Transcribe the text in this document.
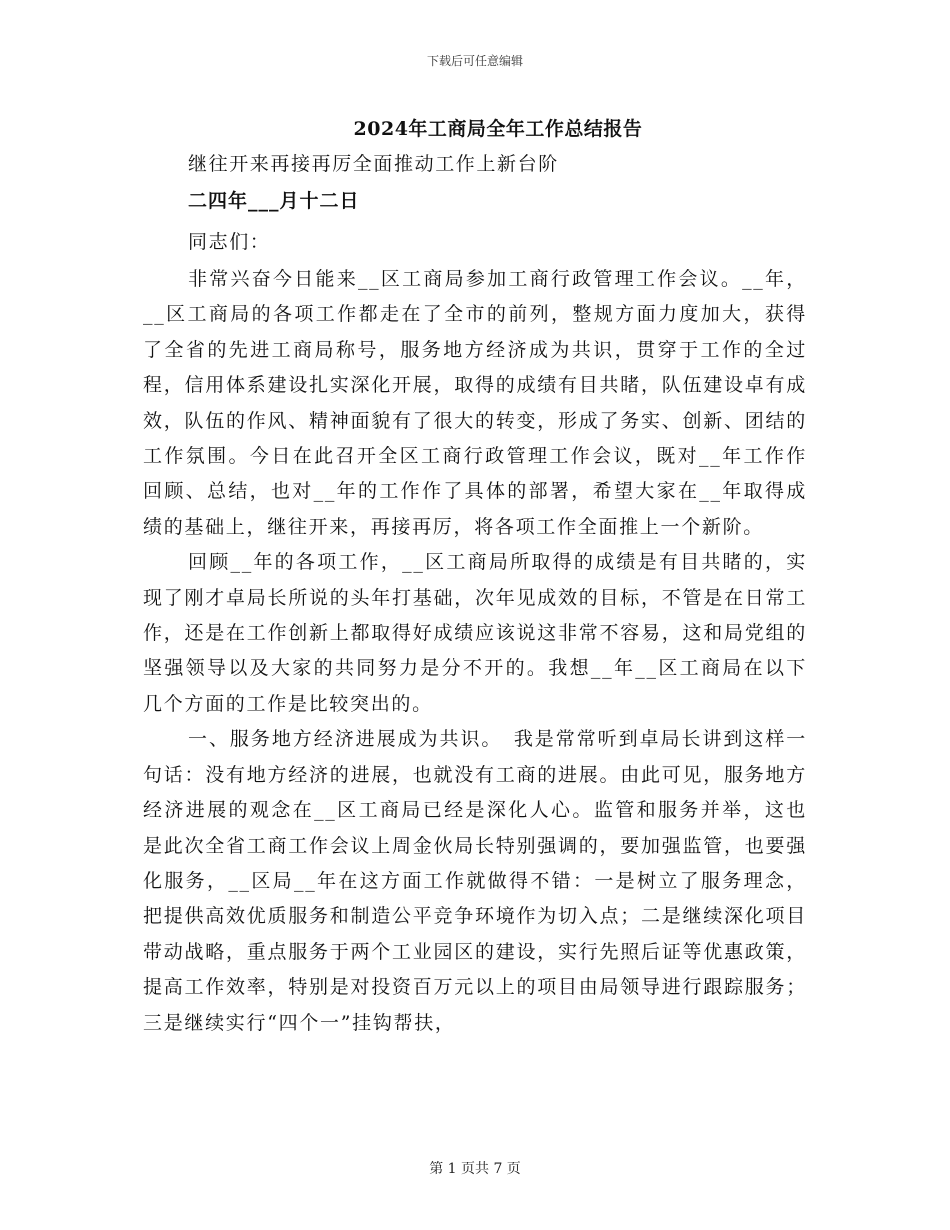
下载后可任意编辑
2024年工商局全年工作总结报告
继往开来再接再厉全面推动工作上新台阶
二四年___月十二日
同志们：

非常兴奋今日能来__区工商局参加工商行政管理工作会议。__年，__区工商局的各项工作都走在了全市的前列，整规方面力度加大，获得了全省的先进工商局称号，服务地方经济成为共识，贯穿于工作的全过程，信用体系建设扎实深化开展，取得的成绩有目共睹，队伍建设卓有成效，队伍的作风、精神面貌有了很大的转变，形成了务实、创新、团结的工作氛围。今日在此召开全区工商行政管理工作会议，既对__年工作作回顾、总结，也对__年的工作作了具体的部署，希望大家在__年取得成绩的基础上，继往开来，再接再厉，将各项工作全面推上一个新阶。

回顾__年的各项工作，__区工商局所取得的成绩是有目共睹的，实现了刚才卓局长所说的头年打基础，次年见成效的目标，不管是在日常工作，还是在工作创新上都取得好成绩应该说这非常不容易，这和局党组的坚强领导以及大家的共同努力是分不开的。我想__年__区工商局在以下几个方面的工作是比较突出的。

一、服务地方经济进展成为共识。　我是常常听到卓局长讲到这样一句话：没有地方经济的进展，也就没有工商的进展。由此可见，服务地方经济进展的观念在__区工商局已经是深化人心。监管和服务并举，这也是此次全省工商工作会议上周金伙局长特别强调的，要加强监管，也要强化服务，__区局__年在这方面工作就做得不错：一是树立了服务理念，把提供高效优质服务和制造公平竞争环境作为切入点；二是继续深化项目带动战略，重点服务于两个工业园区的建设，实行先照后证等优惠政策，提高工作效率，特别是对投资百万元以上的项目由局领导进行跟踪服务；三是继续实行“四个一”挂钩帮扶，

第 1 页共 7 页
